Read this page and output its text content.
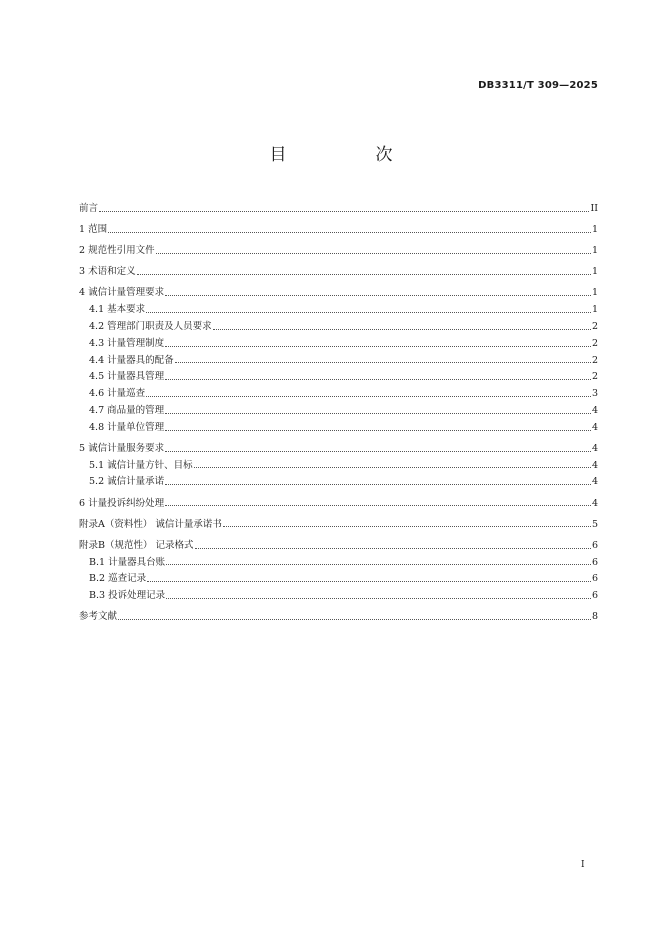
DB3311/T 309—2025
目　次
前言	II
1 范围	1
2 规范性引用文件	1
3 术语和定义	1
4 诚信计量管理要求	1
4.1 基本要求	1
4.2 管理部门职责及人员要求	2
4.3 计量管理制度	2
4.4 计量器具的配备	2
4.5 计量器具管理	2
4.6 计量巡查	3
4.7 商品量的管理	4
4.8 计量单位管理	4
5 诚信计量服务要求	4
5.1 诚信计量方针、目标	4
5.2 诚信计量承诺	4
6 计量投诉纠纷处理	4
附录A（资料性） 诚信计量承诺书	5
附录B（规范性） 记录格式	6
B.1 计量器具台账	6
B.2 巡查记录	6
B.3 投诉处理记录	6
参考文献	8
I
